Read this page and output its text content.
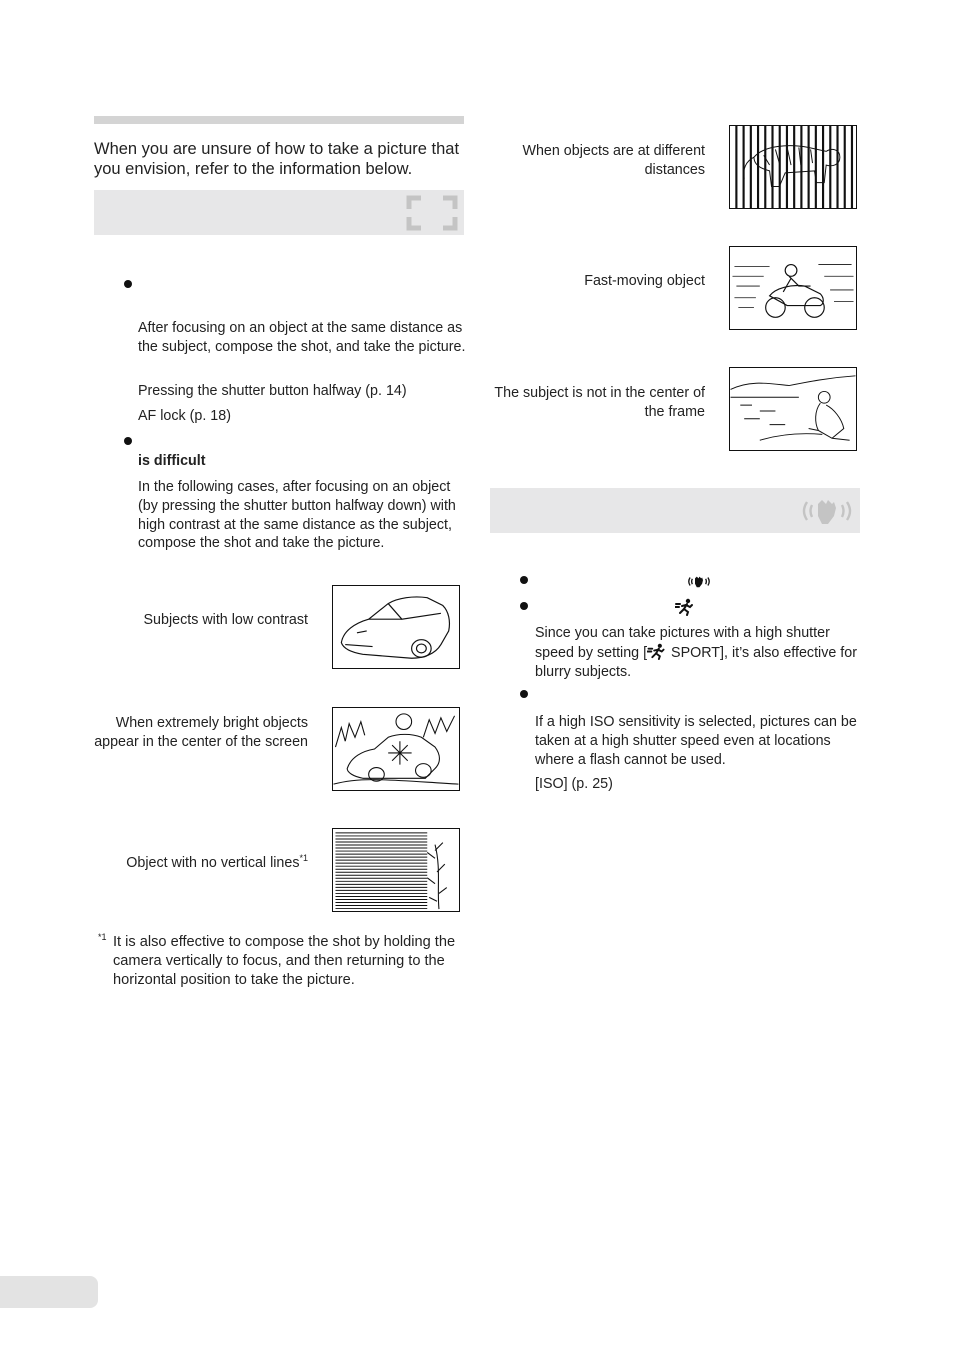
When you are unsure of how to take a picture that you envision, refer to the information below.
After focusing on an object at the same distance as the subject, compose the shot, and take the picture.
Pressing the shutter button halfway (p. 14)
AF lock (p. 18)
is difficult
In the following cases, after focusing on an object (by pressing the shutter button halfway down) with high contrast at the same distance as the subject, compose the shot and take the picture.
Subjects with low contrast
When extremely bright objects appear in the center of the screen
Object with no vertical lines$^{*1}$
*1 It is also effective to compose the shot by holding the camera vertically to focus, and then returning to the horizontal position to take the picture.
When objects are at different distances
Fast-moving object
The subject is not in the center of the frame
Since you can take pictures with a high shutter speed by setting [ SPORT], it’s also effective for blurry subjects.
If a high ISO sensitivity is selected, pictures can be taken at a high shutter speed even at locations where a flash cannot be used.
[ISO] (p. 25)
